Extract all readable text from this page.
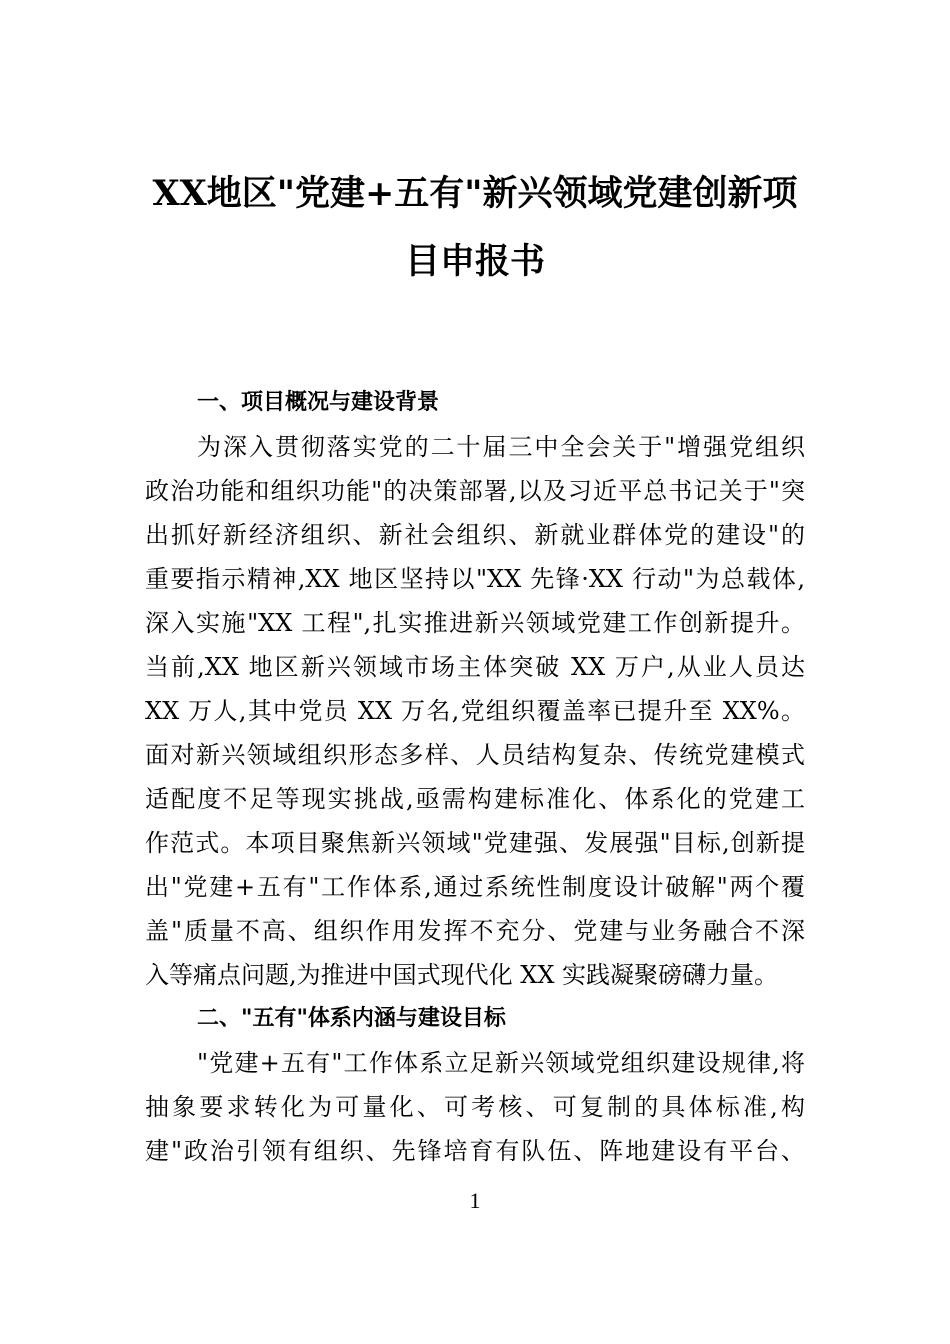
XX地区"党建+五有"新兴领域党建创新项
目申报书
一、项目概况与建设背景
为深入贯彻落实党的二十届三中全会关于"增强党组织
政治功能和组织功能"的决策部署,以及习近平总书记关于"突
出抓好新经济组织、新社会组织、新就业群体党的建设"的
重要指示精神,XX 地区坚持以"XX 先锋·XX 行动"为总载体,
深入实施"XX 工程",扎实推进新兴领域党建工作创新提升。
当前,XX 地区新兴领域市场主体突破 XX 万户,从业人员达
XX 万人,其中党员 XX 万名,党组织覆盖率已提升至 XX%。
面对新兴领域组织形态多样、人员结构复杂、传统党建模式
适配度不足等现实挑战,亟需构建标准化、体系化的党建工
作范式。本项目聚焦新兴领域"党建强、发展强"目标,创新提
出"党建+五有"工作体系,通过系统性制度设计破解"两个覆
盖"质量不高、组织作用发挥不充分、党建与业务融合不深
入等痛点问题,为推进中国式现代化 XX 实践凝聚磅礴力量。
二、"五有"体系内涵与建设目标
"党建+五有"工作体系立足新兴领域党组织建设规律,将
抽象要求转化为可量化、可考核、可复制的具体标准,构
建"政治引领有组织、先锋培育有队伍、阵地建设有平台、
1
